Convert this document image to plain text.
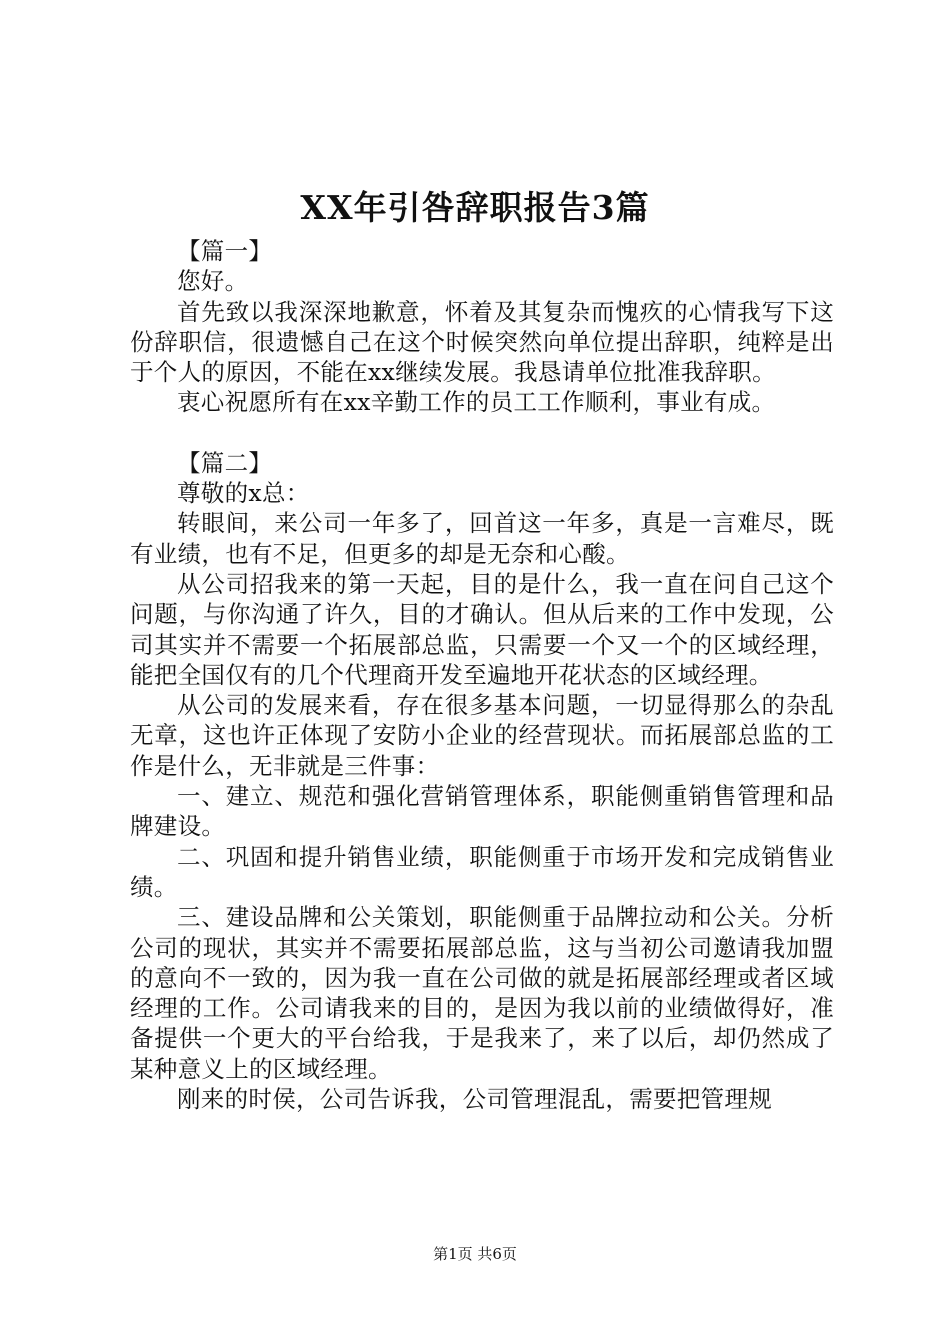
XX年引咎辞职报告3篇

【篇一】

您好。

首先致以我深深地歉意，怀着及其复杂而愧疚的心情我写下这份辞职信，很遗憾自己在这个时候突然向单位提出辞职，纯粹是出于个人的原因，不能在xx继续发展。我恳请单位批准我辞职。

衷心祝愿所有在xx辛勤工作的员工工作顺利，事业有成。

【篇二】

尊敬的x总：

转眼间，来公司一年多了，回首这一年多，真是一言难尽，既有业绩，也有不足，但更多的却是无奈和心酸。

从公司招我来的第一天起，目的是什么，我一直在问自己这个问题，与你沟通了许久，目的才确认。但从后来的工作中发现，公司其实并不需要一个拓展部总监，只需要一个又一个的区域经理，能把全国仅有的几个代理商开发至遍地开花状态的区域经理。

从公司的发展来看，存在很多基本问题，一切显得那么的杂乱无章，这也许正体现了安防小企业的经营现状。而拓展部总监的工作是什么，无非就是三件事：

一、建立、规范和强化营销管理体系，职能侧重销售管理和品牌建设。

二、巩固和提升销售业绩，职能侧重于市场开发和完成销售业绩。

三、建设品牌和公关策划，职能侧重于品牌拉动和公关。分析公司的现状，其实并不需要拓展部总监，这与当初公司邀请我加盟的意向不一致的，因为我一直在公司做的就是拓展部经理或者区域经理的工作。公司请我来的目的，是因为我以前的业绩做得好，准备提供一个更大的平台给我，于是我来了，来了以后，却仍然成了某种意义上的区域经理。

刚来的时侯，公司告诉我，公司管理混乱，需要把管理规

第1页 共6页
